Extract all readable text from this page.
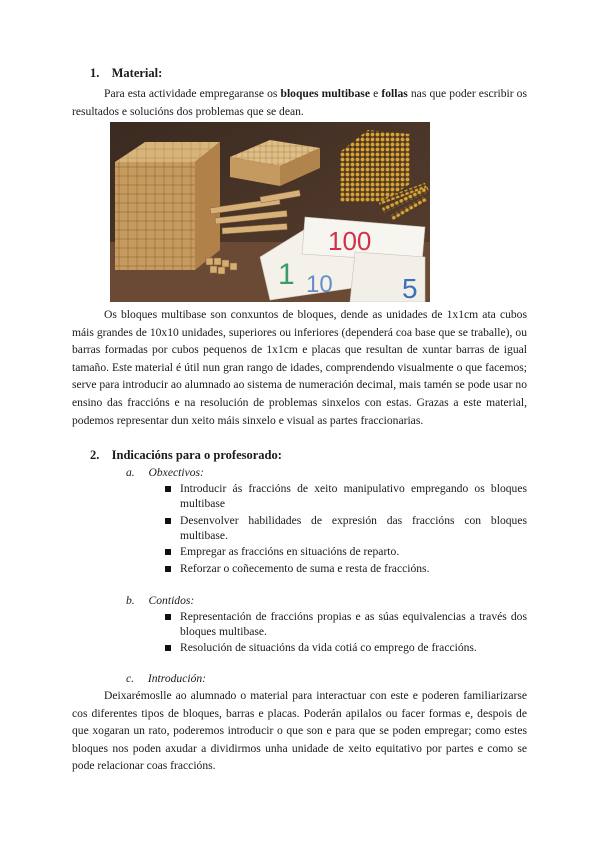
1. Material:
Para esta actividade empregaranse os bloques multibase e follas nas que poder escribir os resultados e solucións dos problemas que se dean.
100
1 10 5
Os bloques multibase son conxuntos de bloques, dende as unidades de 1x1cm ata cubos máis grandes de 10x10 unidades, superiores ou inferiores (dependerá coa base que se traballe), ou barras formadas por cubos pequenos de 1x1cm e placas que resultan de xuntar barras de igual tamaño. Este material é útil nun gran rango de idades, comprendendo visualmente o que facemos; serve para introducir ao alumnado ao sistema de numeración decimal, mais tamén se pode usar no ensino das fraccións e na resolución de problemas sinxelos con estas. Grazas a este material, podemos representar dun xeito máis sinxelo e visual as partes fraccionarias.
2. Indicacións para o profesorado:
a. Obxectivos:
Introducir ás fraccións de xeito manipulativo empregando os bloques multibase
Desenvolver habilidades de expresión das fraccións con bloques multibase.
Empregar as fraccións en situacións de reparto.
Reforzar o coñecemento de suma e resta de fraccións.
b. Contidos:
Representación de fraccións propias e as súas equivalencias a través dos bloques multibase.
Resolución de situacións da vida cotiá co emprego de fraccións.
c. Introdución:
Deixarémoslle ao alumnado o material para interactuar con este e poderen familiarizarse cos diferentes tipos de bloques, barras e placas. Poderán apilalos ou facer formas e, despois de que xogaran un rato, poderemos introducir o que son e para que se poden empregar; como estes bloques nos poden axudar a dividirmos unha unidade de xeito equitativo por partes e como se pode relacionar coas fraccións.
